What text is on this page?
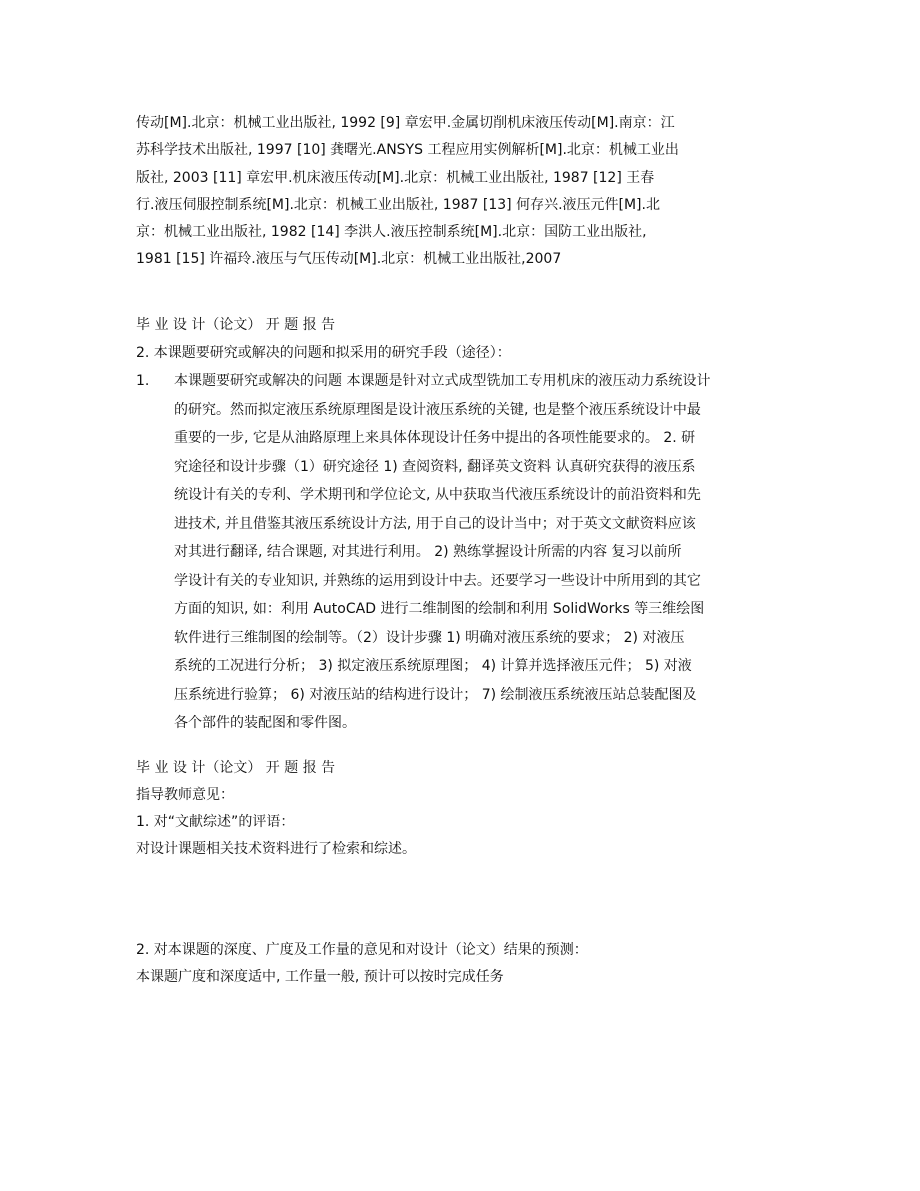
传动[M].北京：机械工业出版社, 1992 [9] 章宏甲.金属切削机床液压传动[M].南京：江
苏科学技术出版社, 1997 [10] 龚曙光.ANSYS 工程应用实例解析[M].北京：机械工业出
版社, 2003 [11] 章宏甲.机床液压传动[M].北京：机械工业出版社, 1987 [12] 王春
行.液压伺服控制系统[M].北京：机械工业出版社, 1987 [13] 何存兴.液压元件[M].北
京：机械工业出版社, 1982 [14] 李洪人.液压控制系统[M].北京：国防工业出版社,
1981 [15] 许福玲.液压与气压传动[M].北京：机械工业出版社,2007
毕 业 设 计（论文） 开 题 报 告
2. 本课题要研究或解决的问题和拟采用的研究手段（途径）：
1. 本课题要研究或解决的问题 本课题是针对立式成型铣加工专用机床的液压动力系统设计
的研究。然而拟定液压系统原理图是设计液压系统的关键, 也是整个液压系统设计中最
重要的一步, 它是从油路原理上来具体体现设计任务中提出的各项性能要求的。 2. 研
究途径和设计步骤（1）研究途径 1) 查阅资料, 翻译英文资料 认真研究获得的液压系
统设计有关的专利、学术期刊和学位论文, 从中获取当代液压系统设计的前沿资料和先
进技术, 并且借鉴其液压系统设计方法, 用于自己的设计当中；对于英文文献资料应该
对其进行翻译, 结合课题, 对其进行利用。 2) 熟练掌握设计所需的内容 复习以前所
学设计有关的专业知识, 并熟练的运用到设计中去。还要学习一些设计中所用到的其它
方面的知识, 如：利用 AutoCAD 进行二维制图的绘制和利用 SolidWorks 等三维绘图
软件进行三维制图的绘制等。（2）设计步骤 1) 明确对液压系统的要求； 2) 对液压
系统的工况进行分析； 3) 拟定液压系统原理图； 4) 计算并选择液压元件； 5) 对液
压系统进行验算； 6) 对液压站的结构进行设计； 7) 绘制液压系统液压站总装配图及
各个部件的装配图和零件图。
毕 业 设 计（论文） 开 题 报 告
指导教师意见：
1. 对“文献综述”的评语：
对设计课题相关技术资料进行了检索和综述。
2. 对本课题的深度、广度及工作量的意见和对设计（论文）结果的预测：
本课题广度和深度适中, 工作量一般, 预计可以按时完成任务
